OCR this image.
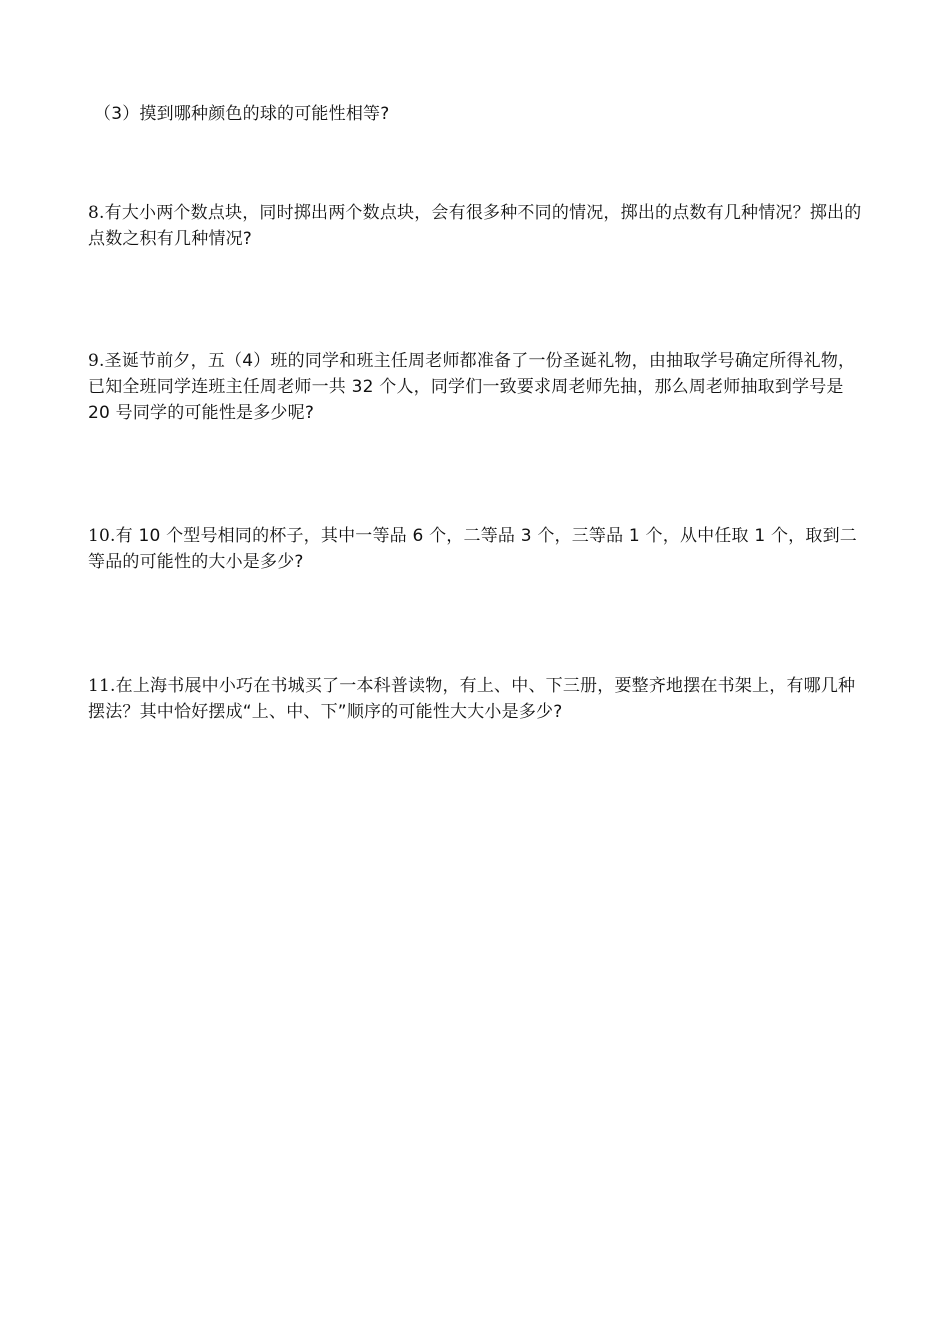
（3）摸到哪种颜色的球的可能性相等?

8.有大小两个数点块，同时掷出两个数点块，会有很多种不同的情况，掷出的点数有几种情况？掷出的点数之积有几种情况?

9.圣诞节前夕，五（4）班的同学和班主任周老师都准备了一份圣诞礼物，由抽取学号确定所得礼物，已知全班同学连班主任周老师一共 32 个人，同学们一致要求周老师先抽，那么周老师抽取到学号是 20 号同学的可能性是多少呢?

10.有 10 个型号相同的杯子，其中一等品 6 个，二等品 3 个，三等品 1 个，从中任取 1 个，取到二等品的可能性的大小是多少?

11.在上海书展中小巧在书城买了一本科普读物，有上、中、下三册，要整齐地摆在书架上，有哪几种摆法？其中恰好摆成“上、中、下”顺序的可能性大大小是多少?
